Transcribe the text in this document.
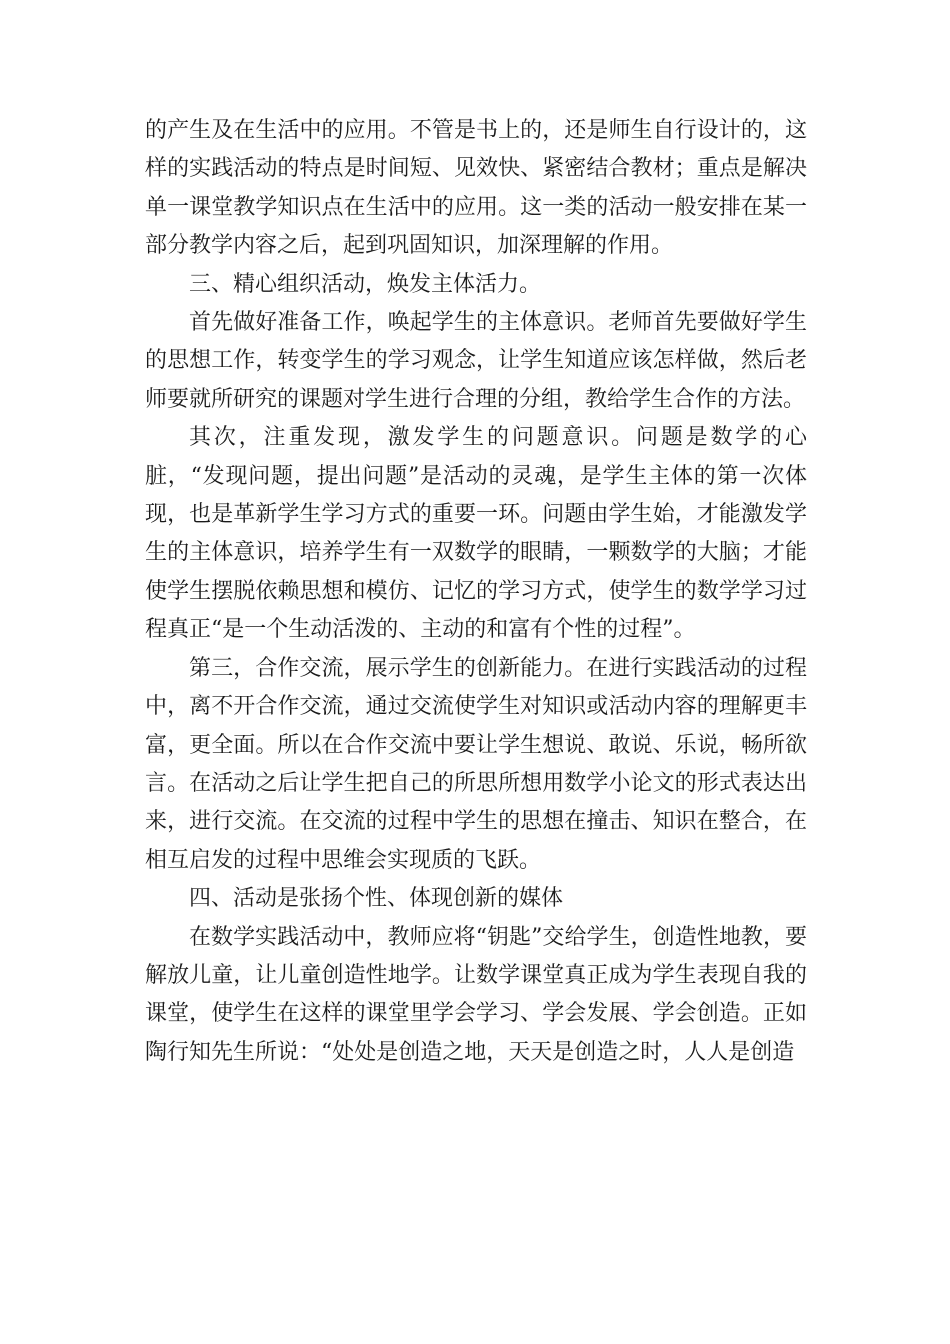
的产生及在生活中的应用。不管是书上的，还是师生自行设计的，这样的实践活动的特点是时间短、见效快、紧密结合教材；重点是解决单一课堂教学知识点在生活中的应用。这一类的活动一般安排在某一部分教学内容之后，起到巩固知识，加深理解的作用。

三、精心组织活动，焕发主体活力。

首先做好准备工作，唤起学生的主体意识。老师首先要做好学生的思想工作，转变学生的学习观念，让学生知道应该怎样做，然后老师要就所研究的课题对学生进行合理的分组，教给学生合作的方法。

其次，注重发现，激发学生的问题意识。问题是数学的心脏，“发现问题，提出问题”是活动的灵魂，是学生主体的第一次体现，也是革新学生学习方式的重要一环。问题由学生始，才能激发学生的主体意识，培养学生有一双数学的眼睛，一颗数学的大脑；才能使学生摆脱依赖思想和模仿、记忆的学习方式，使学生的数学学习过程真正“是一个生动活泼的、主动的和富有个性的过程”。

第三，合作交流，展示学生的创新能力。在进行实践活动的过程中，离不开合作交流，通过交流使学生对知识或活动内容的理解更丰富，更全面。所以在合作交流中要让学生想说、敢说、乐说，畅所欲言。在活动之后让学生把自己的所思所想用数学小论文的形式表达出来，进行交流。在交流的过程中学生的思想在撞击、知识在整合，在相互启发的过程中思维会实现质的飞跃。

四、活动是张扬个性、体现创新的媒体

在数学实践活动中，教师应将“钥匙”交给学生，创造性地教，要解放儿童，让儿童创造性地学。让数学课堂真正成为学生表现自我的课堂，使学生在这样的课堂里学会学习、学会发展、学会创造。正如陶行知先生所说：“处处是创造之地，天天是创造之时，人人是创造
